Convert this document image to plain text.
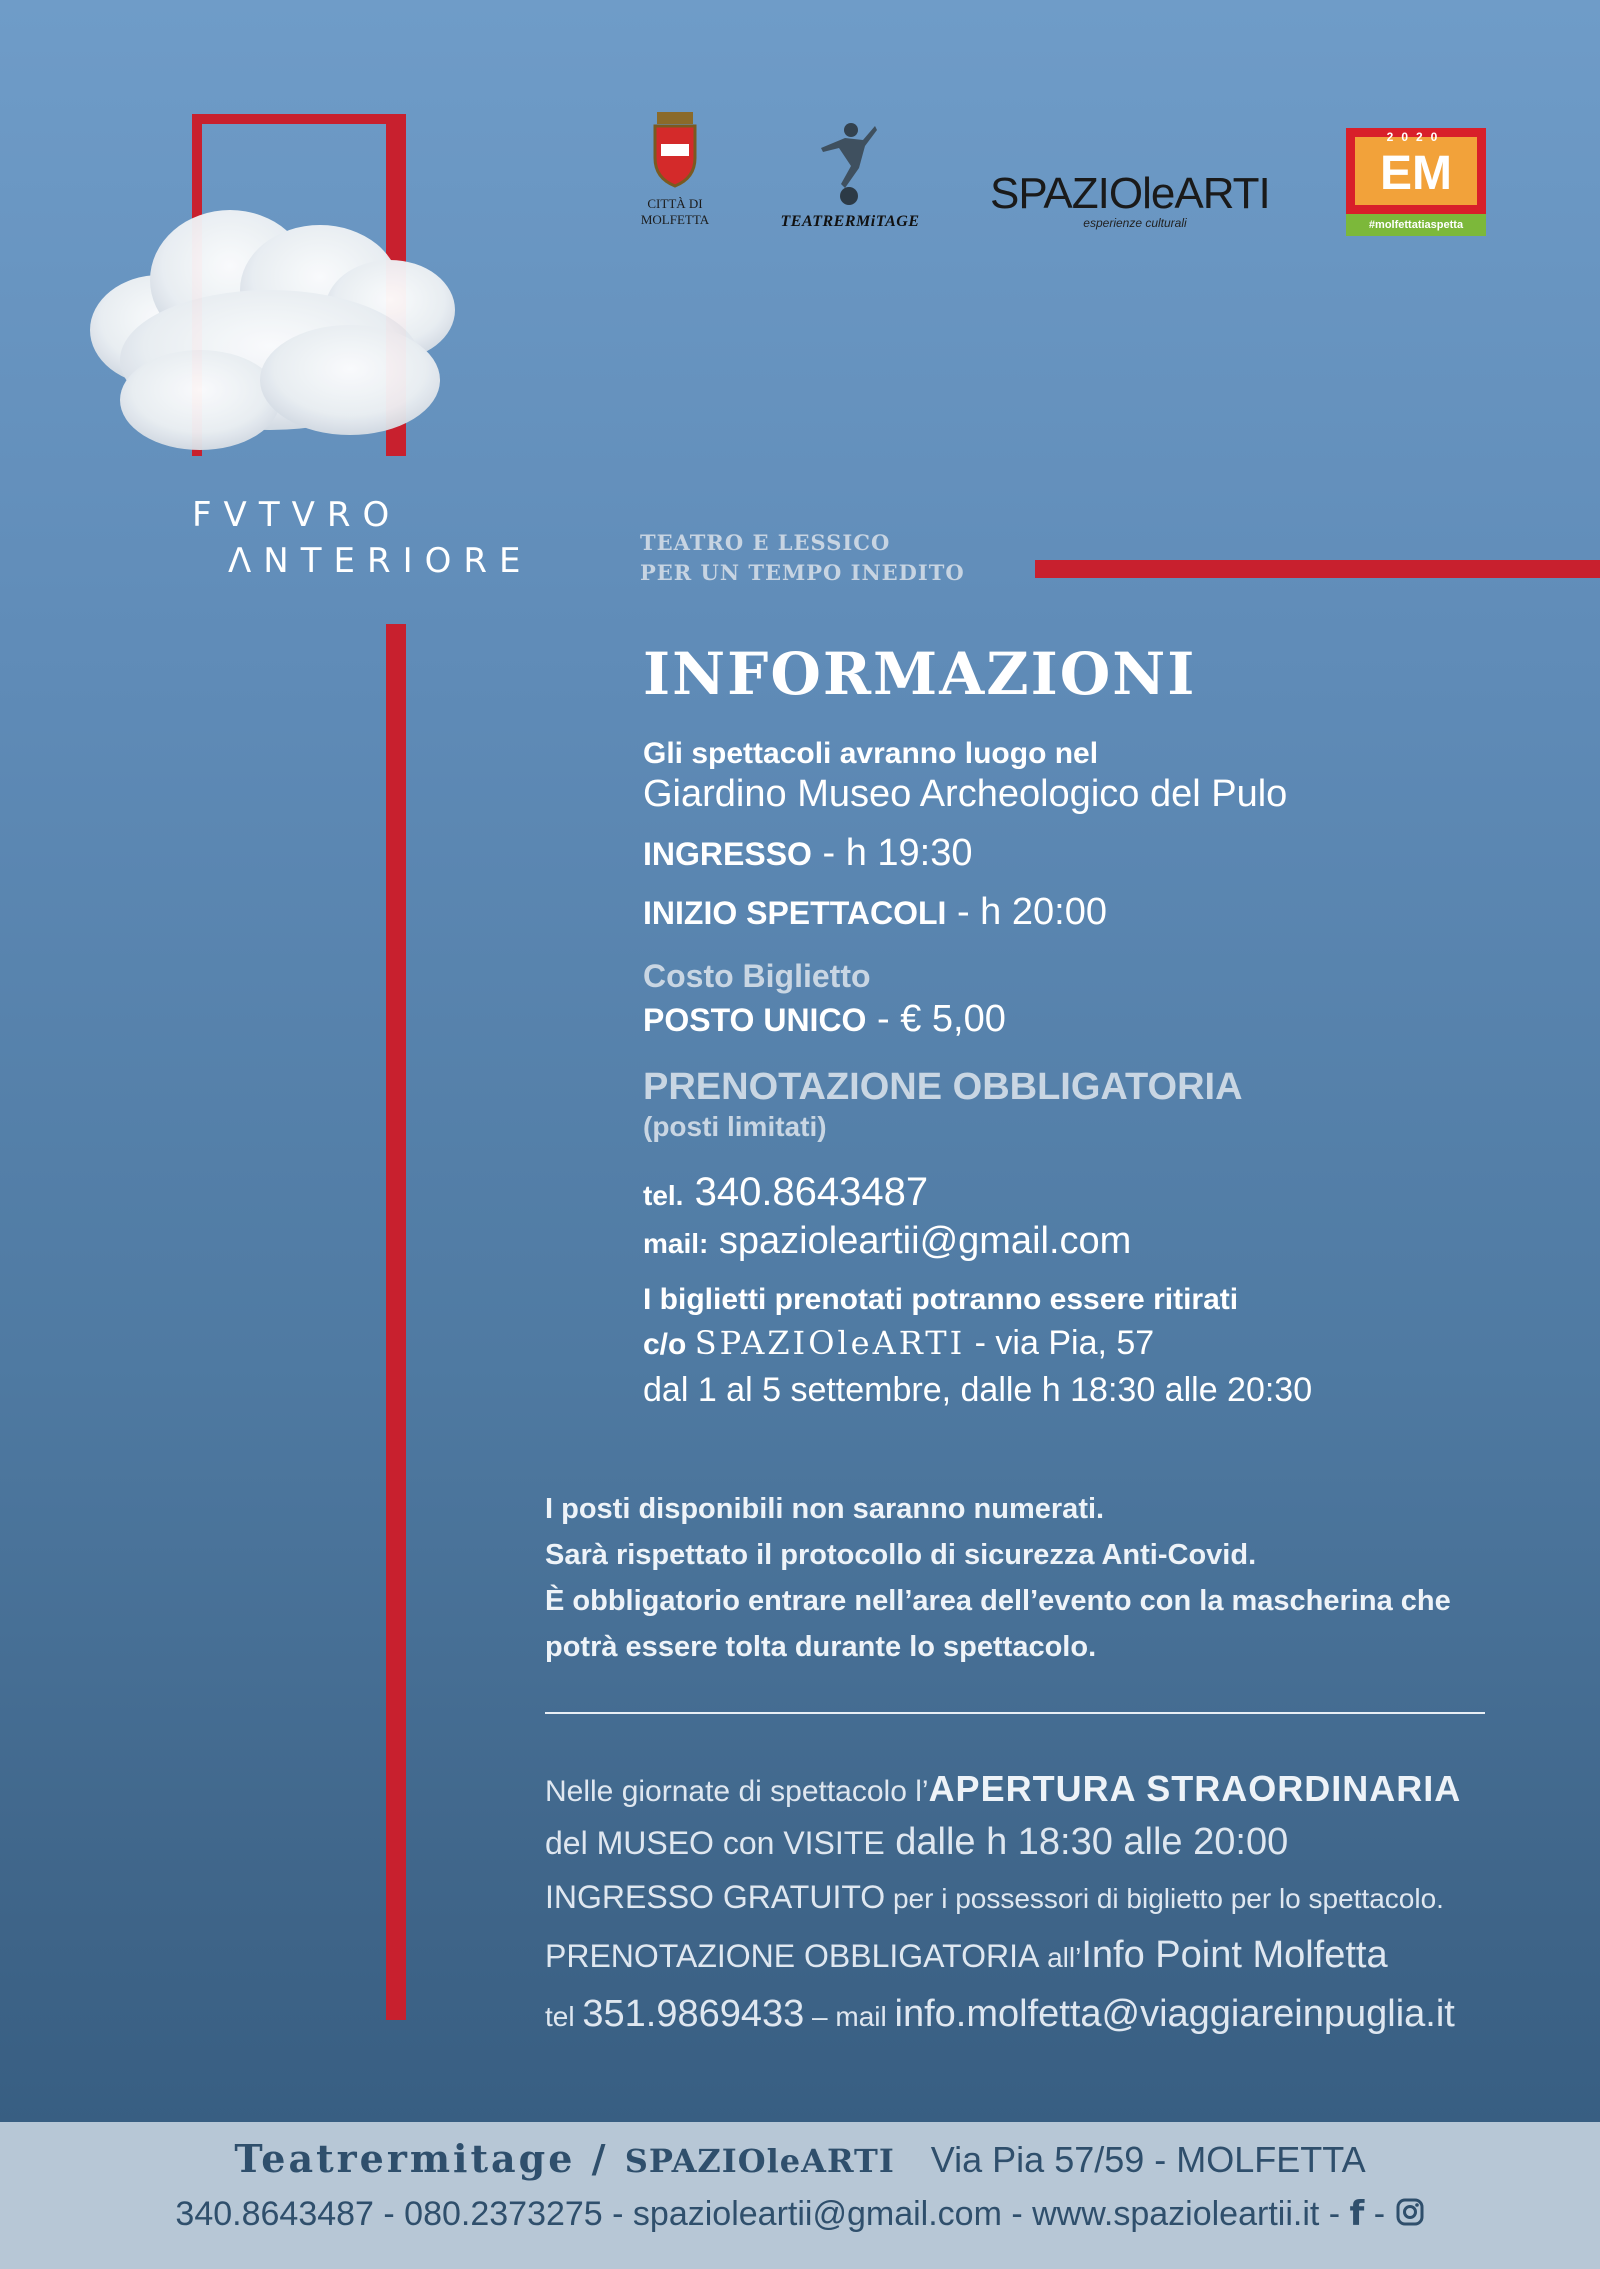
CITTÀ DI
MOLFETTA	TEATRERMiTAGE
SPAZIOleARTI
esperienze culturali
2020
EM
#molfettatiaspetta
FVTVRO
ΛNTERIORE	TEATRO E LESSICO
PER UN TEMPO INEDITO
INFORMAZIONI
Gli spettacoli avranno luogo nel
Giardino Museo Archeologico del Pulo
INGRESSO - h 19:30
INIZIO SPETTACOLI - h 20:00
Costo Biglietto
POSTO UNICO - € 5,00
PRENOTAZIONE OBBLIGATORIA
(posti limitati)
tel. 340.8643487
mail: spazioleartii@gmail.com
I biglietti prenotati potranno essere ritirati
c/o SPAZIOleARTI - via Pia, 57
dal 1 al 5 settembre, dalle h 18:30 alle 20:30
I posti disponibili non saranno numerati.
Sarà rispettato il protocollo di sicurezza Anti-Covid.
È obbligatorio entrare nell’area dell’evento con la mascherina che
potrà essere tolta durante lo spettacolo.
Nelle giornate di spettacolo l’APERTURA STRAORDINARIA
del MUSEO con VISITE dalle h 18:30 alle 20:00
INGRESSO GRATUITO per i possessori di biglietto per lo spettacolo.
PRENOTAZIONE OBBLIGATORIA all’Info Point Molfetta
tel 351.9869433 – mail info.molfetta@viaggiareinpuglia.it
Teatrermitage / SPAZIOleARTI Via Pia 57/59 - MOLFETTA
340.8643487 - 080.2373275 - spazioleartii@gmail.com - www.spazioleartii.it - f -
